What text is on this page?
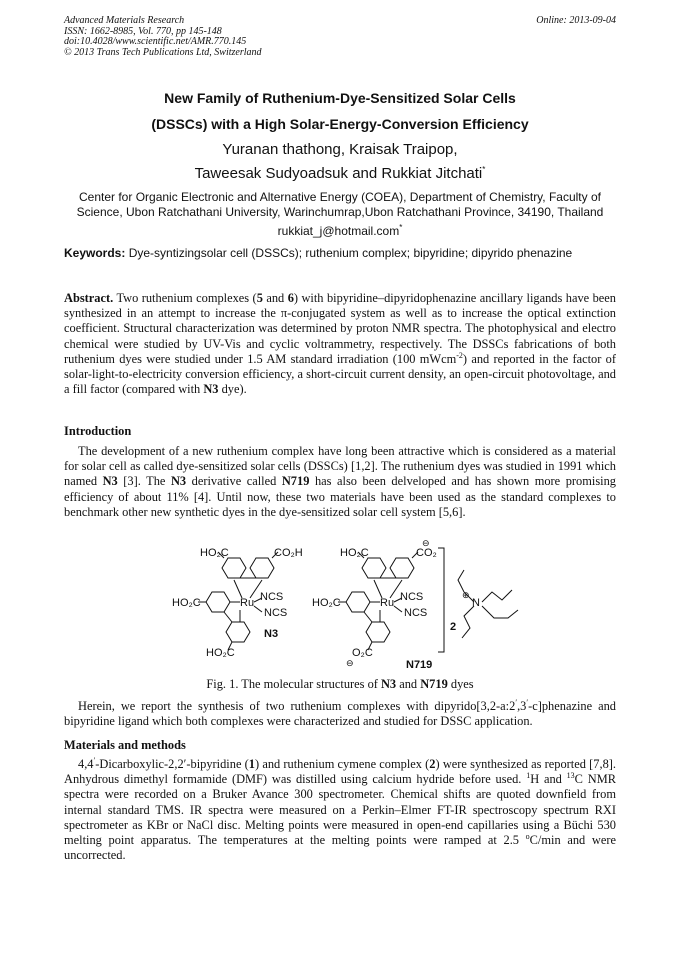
Advanced Materials Research
ISSN: 1662-8985, Vol. 770, pp 145-148
doi:10.4028/www.scientific.net/AMR.770.145
© 2013 Trans Tech Publications Ltd, Switzerland
Online: 2013-09-04
New Family of Ruthenium-Dye-Sensitized Solar Cells
(DSSCs) with a High Solar-Energy-Conversion Efficiency
Yuranan thathong, Kraisak Traipop,
Taweesak Sudyoadsuk and Rukkiat Jitchati*
Center for Organic Electronic and Alternative Energy (COEA), Department of Chemistry, Faculty of
Science, Ubon Ratchathani University, Warinchumrap,Ubon Ratchathani Province, 34190, Thailand
rukkiat_j@hotmail.com*
Keywords: Dye-syntizingsolar cell (DSSCs); ruthenium complex; bipyridine; dipyrido phenazine
Abstract. Two ruthenium complexes (5 and 6) with bipyridine–dipyridophenazine ancillary ligands have been synthesized in an attempt to increase the π-conjugated system as well as to increase the optical extinction coefficient. Structural characterization was determined by proton NMR spectra. The photophysical and electro chemical were studied by UV-Vis and cyclic voltrammetry, respectively. The DSSCs fabrications of both ruthenium dyes were studied under 1.5 AM standard irradiation (100 mWcm$^{-2}$) and reported in the factor of solar-light-to-electricity conversion efficiency, a short-circuit current density, an open-circuit photovoltage, and a fill factor (compared with N3 dye).
Introduction
The development of a new ruthenium complex have long been attractive which is considered as a material for solar cell as called dye-sensitized solar cells (DSSCs) [1,2]. The ruthenium dyes was studied in 1991 which named N3 [3]. The N3 derivative called N719 has also been delveloped and has shown more promising efficiency of about 11% [4]. Until now, these two materials have been used as the standard complexes to benchmark other new synthetic dyes in the dye-sensitized solar cell system [5,6].
HO₂C	CO₂H
HO₂C
HO₂C
Ru NCS
NCS
N3
HO₂C	CO₂
⊖
HO₂C
O₂C
⊖
Ru NCS
NCS
N719
2
N
⊕
Fig. 1. The molecular structures of N3 and N719 dyes
Herein, we report the synthesis of two ruthenium complexes with dipyrido[3,2-a:2′,3′-c]phenazine and bipyridine ligand which both complexes were characterized and studied for DSSC application.
Materials and methods
4,4′-Dicarboxylic-2,2′-bipyridine (1) and ruthenium cymene complex (2) were synthesized as reported [7,8]. Anhydrous dimethyl formamide (DMF) was distilled using calcium hydride before used. $^1$H and $^{13}$C NMR spectra were recorded on a Bruker Avance 300 spectrometer. Chemical shifts are quoted downfield from internal standard TMS. IR spectra were measured on a Perkin–Elmer FT-IR spectroscopy spectrum RXI spectrometer as KBr or NaCl disc. Melting points were measured in open-end capillaries using a Büchi 530 melting point apparatus. The temperatures at the melting points were ramped at 2.5 $^o$C/min and were uncorrected.
